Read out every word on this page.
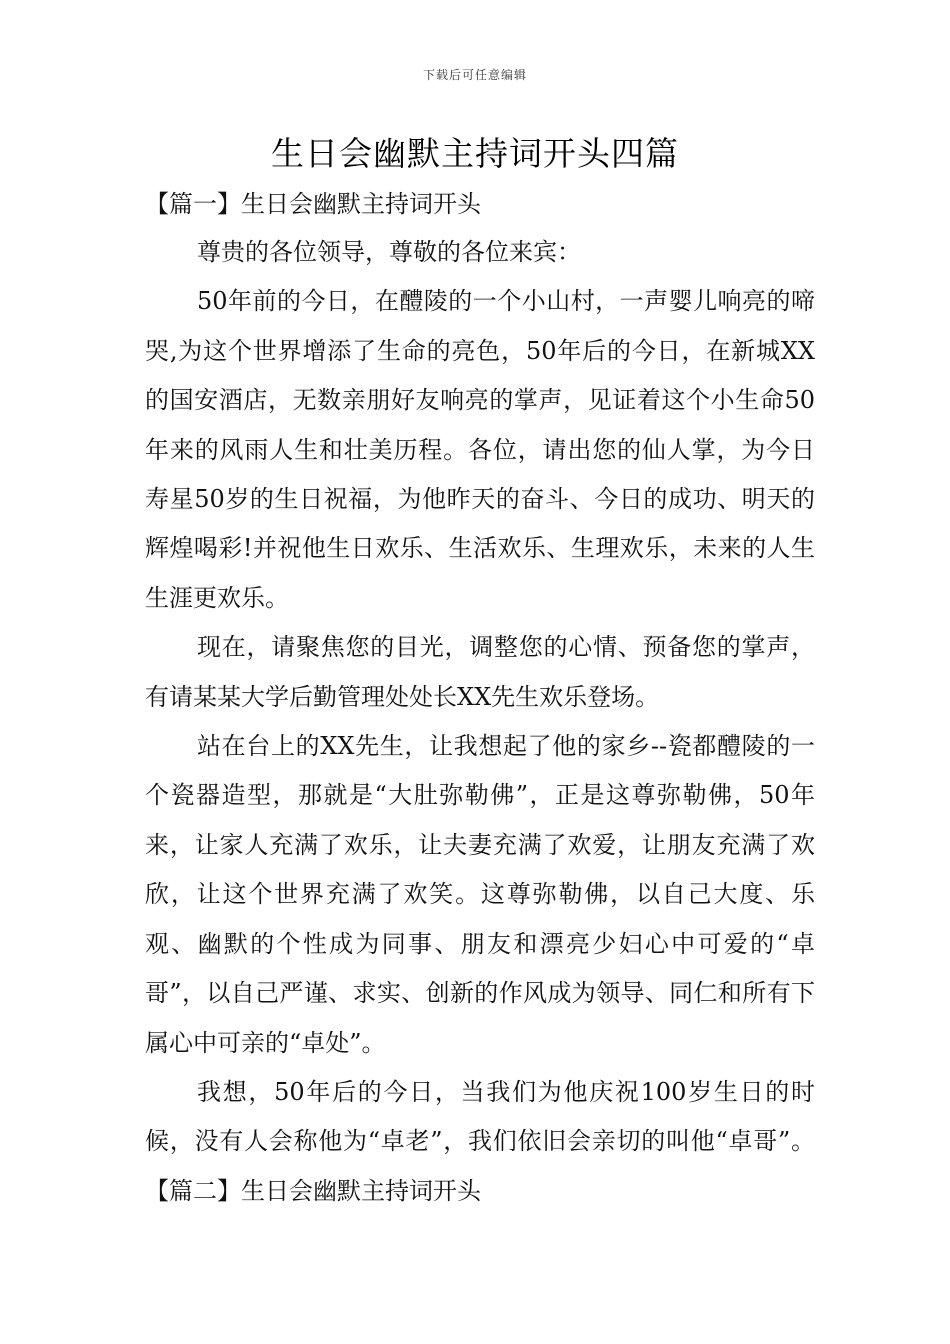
下载后可任意编辑
生日会幽默主持词开头四篇
【篇一】生日会幽默主持词开头

尊贵的各位领导，尊敬的各位来宾：

50年前的今日，在醴陵的一个小山村，一声婴儿响亮的啼哭,为这个世界增添了生命的亮色，50年后的今日，在新城XX的国安酒店，无数亲朋好友响亮的掌声，见证着这个小生命50年来的风雨人生和壮美历程。各位，请出您的仙人掌，为今日寿星50岁的生日祝福，为他昨天的奋斗、今日的成功、明天的辉煌喝彩!并祝他生日欢乐、生活欢乐、生理欢乐，未来的人生生涯更欢乐。

现在，请聚焦您的目光，调整您的心情、预备您的掌声，有请某某大学后勤管理处处长XX先生欢乐登场。

站在台上的XX先生，让我想起了他的家乡--瓷都醴陵的一个瓷器造型，那就是“大肚弥勒佛”，正是这尊弥勒佛，50年来，让家人充满了欢乐，让夫妻充满了欢爱，让朋友充满了欢欣，让这个世界充满了欢笑。这尊弥勒佛，以自己大度、乐观、幽默的个性成为同事、朋友和漂亮少妇心中可爱的“卓哥”，以自己严谨、求实、创新的作风成为领导、同仁和所有下属心中可亲的“卓处”。

我想，50年后的今日，当我们为他庆祝100岁生日的时候，没有人会称他为“卓老”，我们依旧会亲切的叫他“卓哥”。【篇二】生日会幽默主持词开头
